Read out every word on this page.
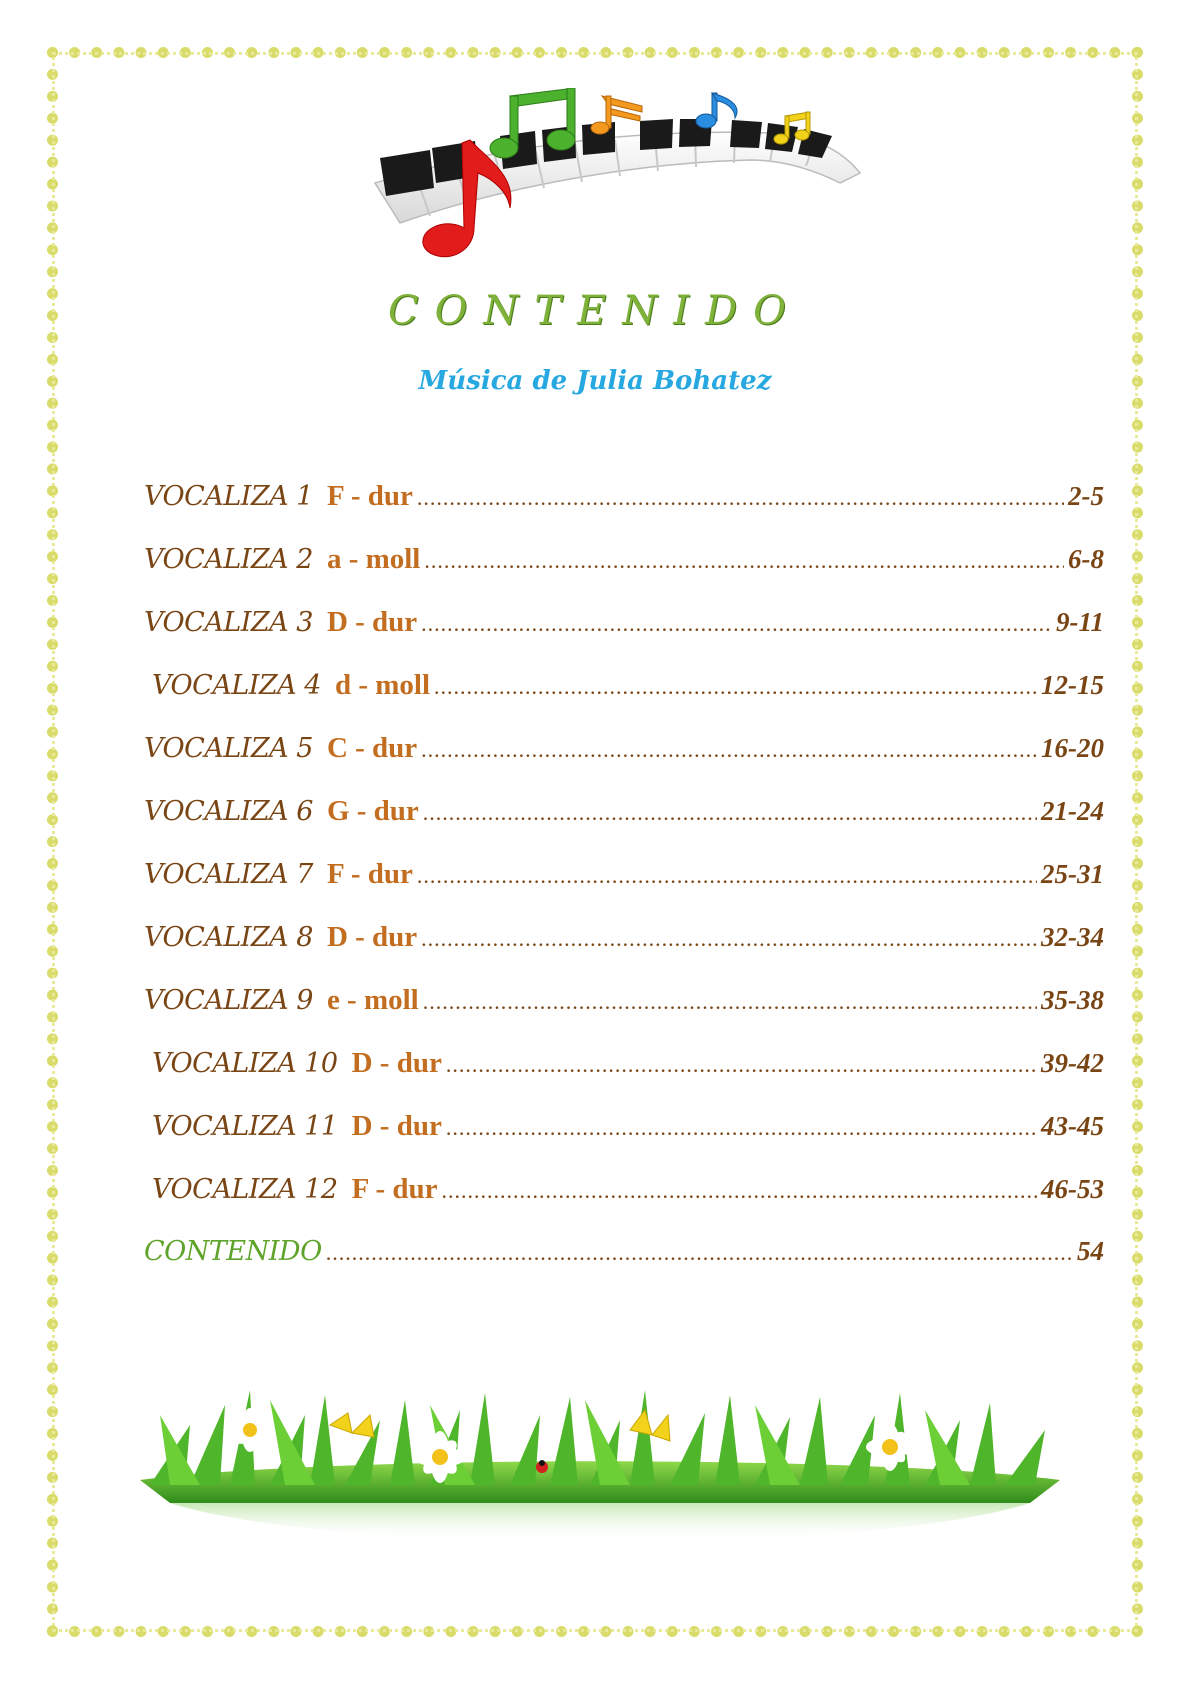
CONTENIDO
Música de Julia Bohatez
VOCALIZA 1 F - dur .....	2-5
VOCALIZA 2 a - moll .....	6-8
VOCALIZA 3 D - dur .....	9-11
VOCALIZA 4 d - moll .....	12-15
VOCALIZA 5 C - dur .....	16-20
VOCALIZA 6 G - dur .....	21-24
VOCALIZA 7 F - dur .....	25-31
VOCALIZA 8 D - dur .....	32-34
VOCALIZA 9 e - moll .....	35-38
VOCALIZA 10 D - dur .....	39-42
VOCALIZA 11 D - dur .....	43-45
VOCALIZA 12 F - dur .....	46-53
CONTENIDO .....	54
